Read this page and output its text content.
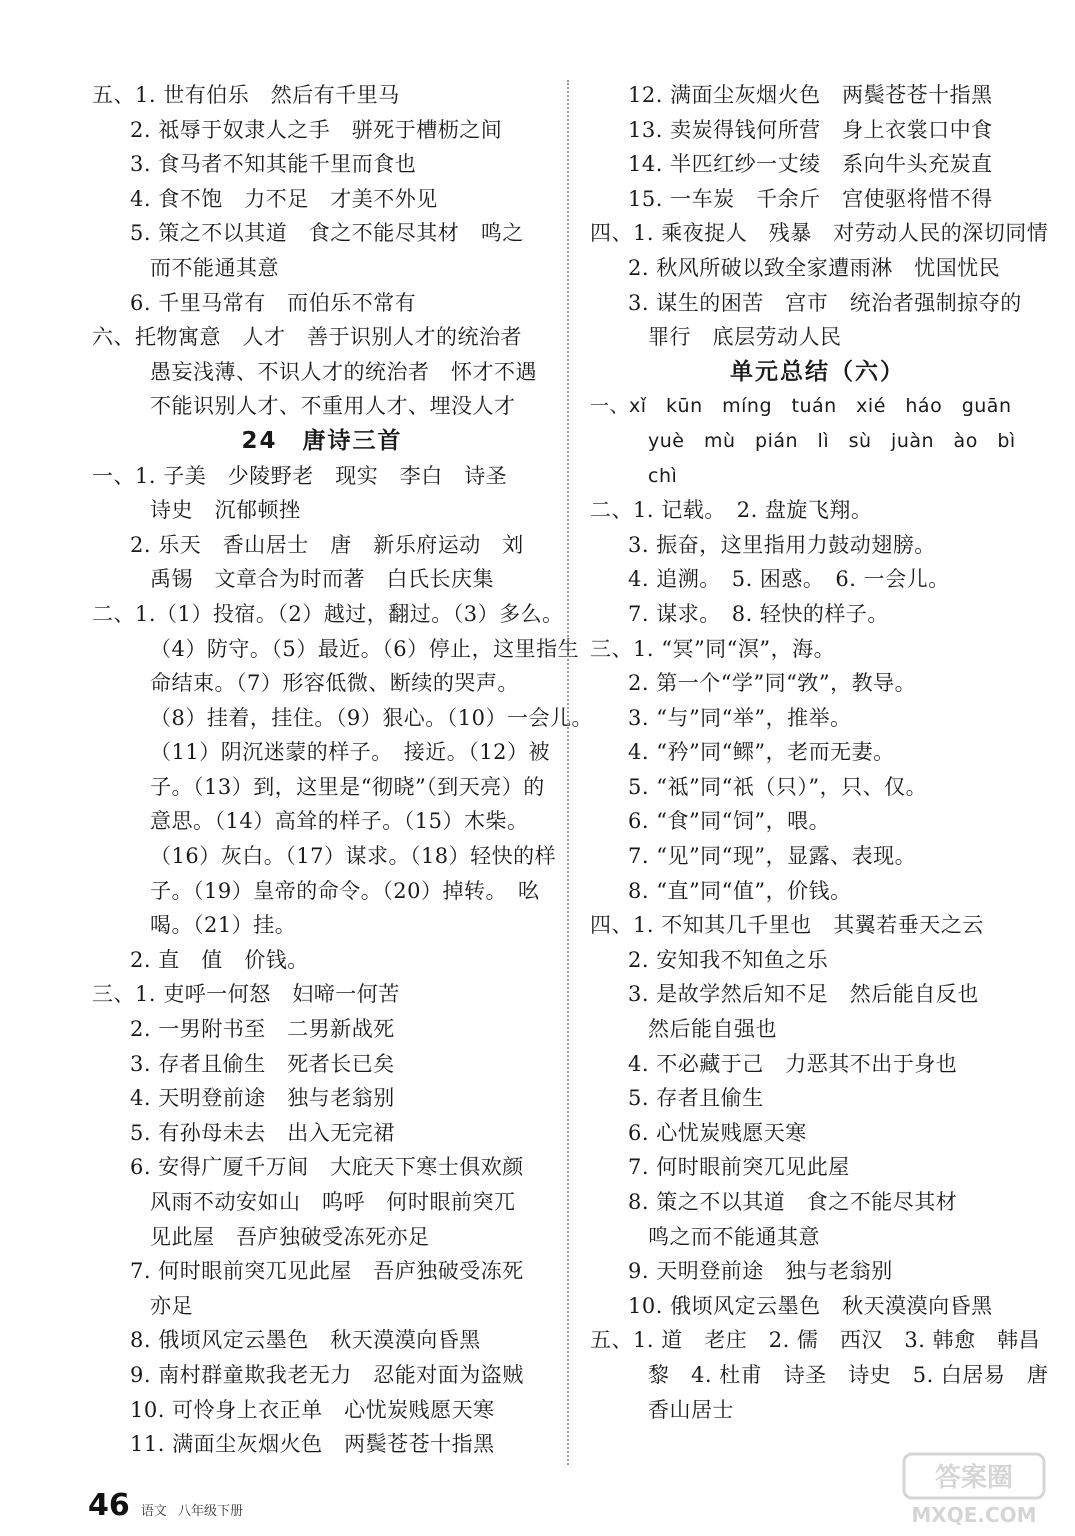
五、1. 世有伯乐　然后有千里马
2. 祗辱于奴隶人之手　骈死于槽枥之间
3. 食马者不知其能千里而食也
4. 食不饱　力不足　才美不外见
5. 策之不以其道　食之不能尽其材　鸣之
而不能通其意
6. 千里马常有　而伯乐不常有
六、托物寓意　人才　善于识别人才的统治者
愚妄浅薄、不识人才的统治者　怀才不遇
不能识别人才、不重用人才、埋没人才
24　唐诗三首
一、1. 子美　少陵野老　现实　李白　诗圣
诗史　沉郁顿挫
2. 乐天　香山居士　唐　新乐府运动　刘
禹锡　文章合为时而著　白氏长庆集
二、1.（1）投宿。（2）越过，翻过。（3）多么。
（4）防守。（5）最近。（6）停止，这里指生
命结束。（7）形容低微、断续的哭声。
（8）挂着，挂住。（9）狠心。（10）一会儿。
（11）阴沉迷蒙的样子。　接近。（12）被
子。（13）到，这里是“彻晓”（到天亮）的
意思。（14）高耸的样子。（15）木柴。
（16）灰白。（17）谋求。（18）轻快的样
子。（19）皇帝的命令。（20）掉转。　吆
喝。（21）挂。
2. 直　值　价钱。
三、1. 吏呼一何怒　妇啼一何苦
2. 一男附书至　二男新战死
3. 存者且偷生　死者长已矣
4. 天明登前途　独与老翁别
5. 有孙母未去　出入无完裙
6. 安得广厦千万间　大庇天下寒士俱欢颜
风雨不动安如山　呜呼　何时眼前突兀
见此屋　吾庐独破受冻死亦足
7. 何时眼前突兀见此屋　吾庐独破受冻死
亦足
8. 俄顷风定云墨色　秋天漠漠向昏黑
9. 南村群童欺我老无力　忍能对面为盗贼
10. 可怜身上衣正单　心忧炭贱愿天寒
11. 满面尘灰烟火色　两鬓苍苍十指黑
12. 满面尘灰烟火色　两鬓苍苍十指黑
13. 卖炭得钱何所营　身上衣裳口中食
14. 半匹红纱一丈绫　系向牛头充炭直
15. 一车炭　千余斤　宫使驱将惜不得
四、1. 乘夜捉人　残暴　对劳动人民的深切同情
2. 秋风所破以致全家遭雨淋　忧国忧民
3. 谋生的困苦　宫市　统治者强制掠夺的
罪行　底层劳动人民
单元总结（六）
一、xǐ　kūn　míng　tuán　xié　háo　guān
yuè　mù　pián　lì　sù　juàn　ào　bì
chì
二、1. 记载。　2. 盘旋飞翔。
3. 振奋，这里指用力鼓动翅膀。
4. 追溯。　5. 困惑。　6. 一会儿。
7. 谋求。　8. 轻快的样子。
三、1. “冥”同“溟”，海。
2. 第一个“学”同“敩”，教导。
3. “与”同“举”，推举。
4. “矜”同“鳏”，老而无妻。
5. “祗”同“祇（只）”，只、仅。
6. “食”同“饲”，喂。
7. “见”同“现”，显露、表现。
8. “直”同“值”，价钱。
四、1. 不知其几千里也　其翼若垂天之云
2. 安知我不知鱼之乐
3. 是故学然后知不足　然后能自反也
然后能自强也
4. 不必藏于己　力恶其不出于身也
5. 存者且偷生
6. 心忧炭贱愿天寒
7. 何时眼前突兀见此屋
8. 策之不以其道　食之不能尽其材
鸣之而不能通其意
9. 天明登前途　独与老翁别
10. 俄顷风定云墨色　秋天漠漠向昏黑
五、1. 道　老庄　2. 儒　西汉　3. 韩愈　韩昌
黎　4. 杜甫　诗圣　诗史　5. 白居易　唐
香山居士
46 语文 八年级下册
答案圈
MXQE.COM
